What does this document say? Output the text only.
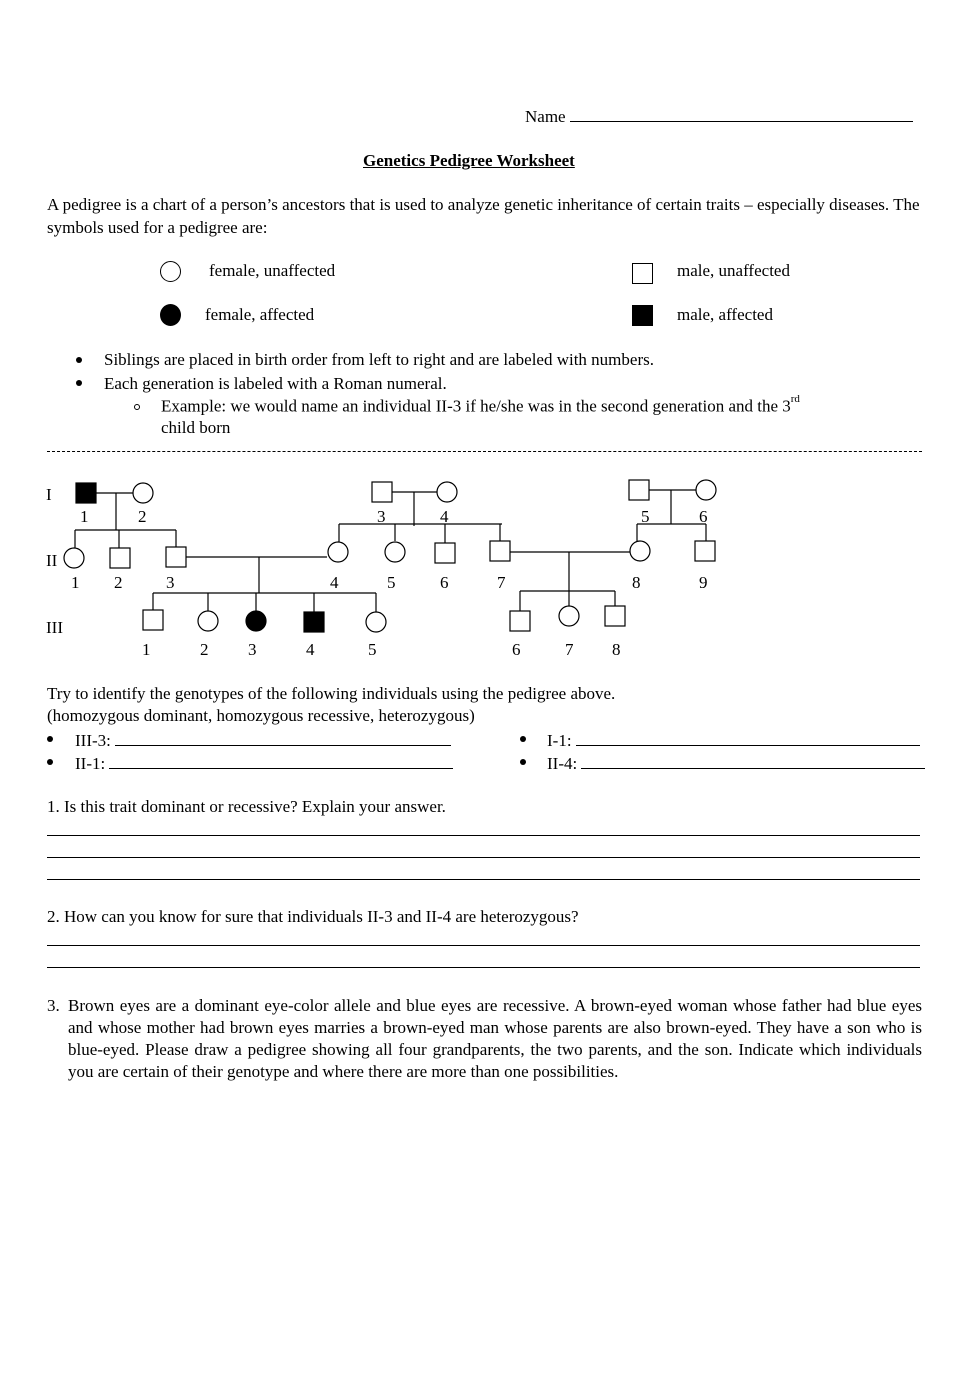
Name
Genetics Pedigree Worksheet
A pedigree is a chart of a person’s ancestors that is used to analyze genetic inheritance of certain traits – especially diseases. The symbols used for a pedigree are:
female, unaffected	male, unaffected
female, affected	male, affected
Siblings are placed in birth order from left to right and are labeled with numbers.
Each generation is labeled with a Roman numeral.
Example: we would name an individual II-3 if he/she was in the second generation and the 3rd
child born
I
II
III
1	2	3	4	5	6
1 2	3	4	5	6	7	8	9
1	2 3	4	5	6	7 8
Try to identify the genotypes of the following individuals using the pedigree above.
(homozygous dominant, homozygous recessive, heterozygous)
III-3:	I-1:
II-1:	II-4:
1. Is this trait dominant or recessive? Explain your answer.
2. How can you know for sure that individuals II-3 and II-4 are heterozygous?
3. Brown eyes are a dominant eye-color allele and blue eyes are recessive. A brown-eyed woman whose father had blue eyes and whose mother had brown eyes marries a brown-eyed man whose parents are also brown-eyed. They have a son who is blue-eyed. Please draw a pedigree showing all four grandparents, the two parents, and the son. Indicate which individuals you are certain of their genotype and where there are more than one possibilities.
